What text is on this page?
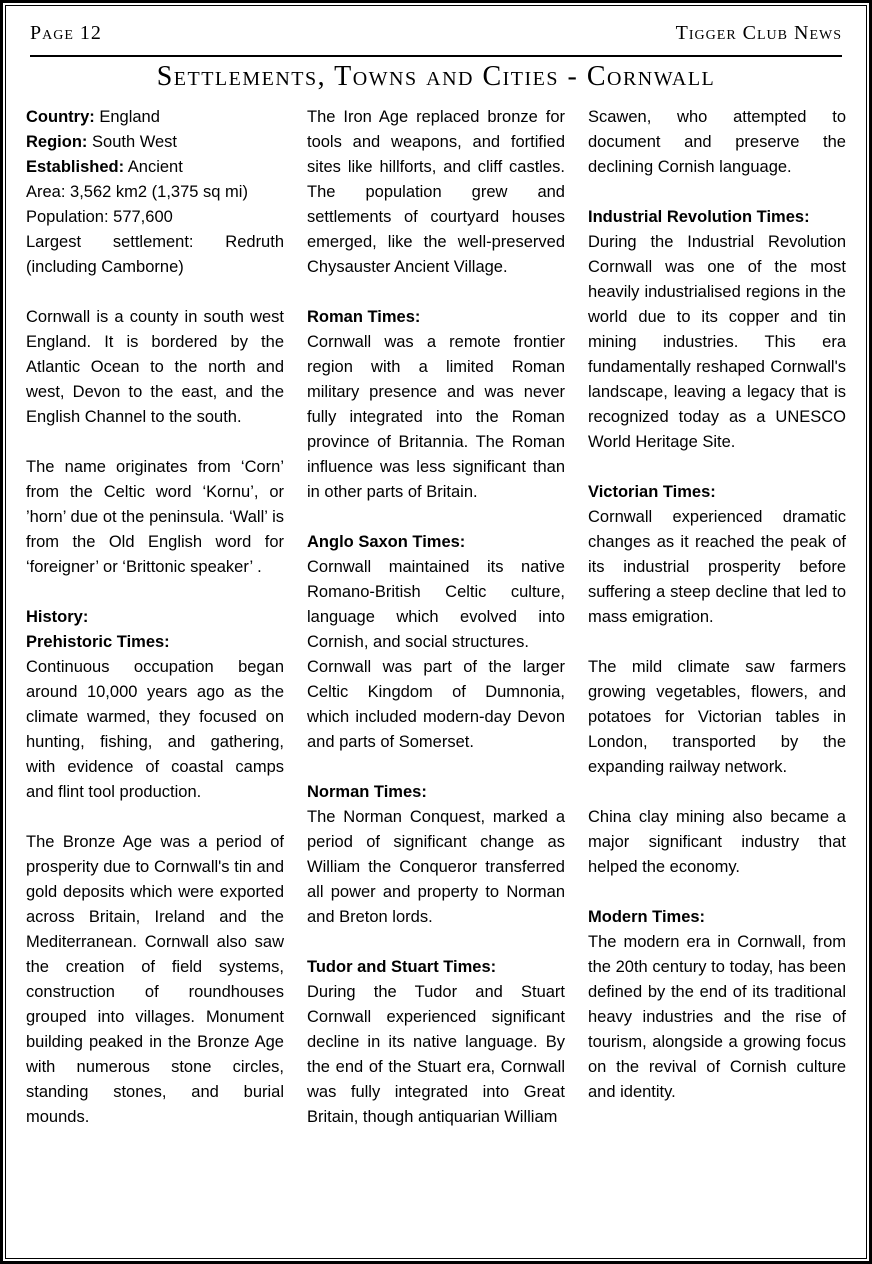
Page 12	Tigger Club News
Settlements, Towns and Cities - Cornwall

Country: England

Region: South West

Established: Ancient

Area: 3,562 km2 (1,375 sq mi)

Population: 577,600

Largest settlement: Redruth (including Camborne)

Cornwall is a county in south west England. It is bordered by the Atlantic Ocean to the north and west, Devon to the east, and the English Channel to the south.

The name originates from ‘Corn’ from the Celtic word ‘Kornu’, or ’horn’ due ot the peninsula. ‘Wall’ is from the Old English word for ‘foreigner’ or ‘Brittonic speaker’ .

History:
Prehistoric Times:

Continuous occupation began around 10,000 years ago as the climate warmed, they focused on hunting, fishing, and gathering, with evidence of coastal camps and flint tool production.

The Bronze Age was a period of prosperity due to Cornwall's tin and gold deposits which were exported across Britain, Ireland and the Mediterranean. Cornwall also saw the creation of field systems, construction of roundhouses grouped into villages. Monument building peaked in the Bronze Age with numerous stone circles, standing stones, and burial mounds.

The Iron Age replaced bronze for tools and weapons, and fortified sites like hillforts, and cliff castles. The population grew and settlements of courtyard houses emerged, like the well-preserved Chysauster Ancient Village.

Roman Times:

Cornwall was a remote frontier region with a limited Roman military presence and was never fully integrated into the Roman province of Britannia. The Roman influence was less significant than in other parts of Britain.

Anglo Saxon Times:

Cornwall maintained its native Romano-British Celtic culture, language which evolved into Cornish, and social structures.

Cornwall was part of the larger Celtic Kingdom of Dumnonia, which included modern-day Devon and parts of Somerset.

Norman Times:

The Norman Conquest, marked a period of significant change as William the Conqueror transferred all power and property to Norman and Breton lords.

Tudor and Stuart Times:

During the Tudor and Stuart Cornwall experienced significant decline in its native language. By the end of the Stuart era, Cornwall was fully integrated into Great Britain, though antiquarian William

Scawen, who attempted to document and preserve the declining Cornish language.

Industrial Revolution Times:

During the Industrial Revolution Cornwall was one of the most heavily industrialised regions in the world due to its copper and tin mining industries. This era fundamentally reshaped Cornwall's landscape, leaving a legacy that is recognized today as a UNESCO World Heritage Site.

Victorian Times:

Cornwall experienced dramatic changes as it reached the peak of its industrial prosperity before suffering a steep decline that led to mass emigration.

The mild climate saw farmers growing vegetables, flowers, and potatoes for Victorian tables in London, transported by the expanding railway network.

China clay mining also became a major significant industry that helped the economy.

Modern Times:

The modern era in Cornwall, from the 20th century to today, has been defined by the end of its traditional heavy industries and the rise of tourism, alongside a growing focus on the revival of Cornish culture and identity.
